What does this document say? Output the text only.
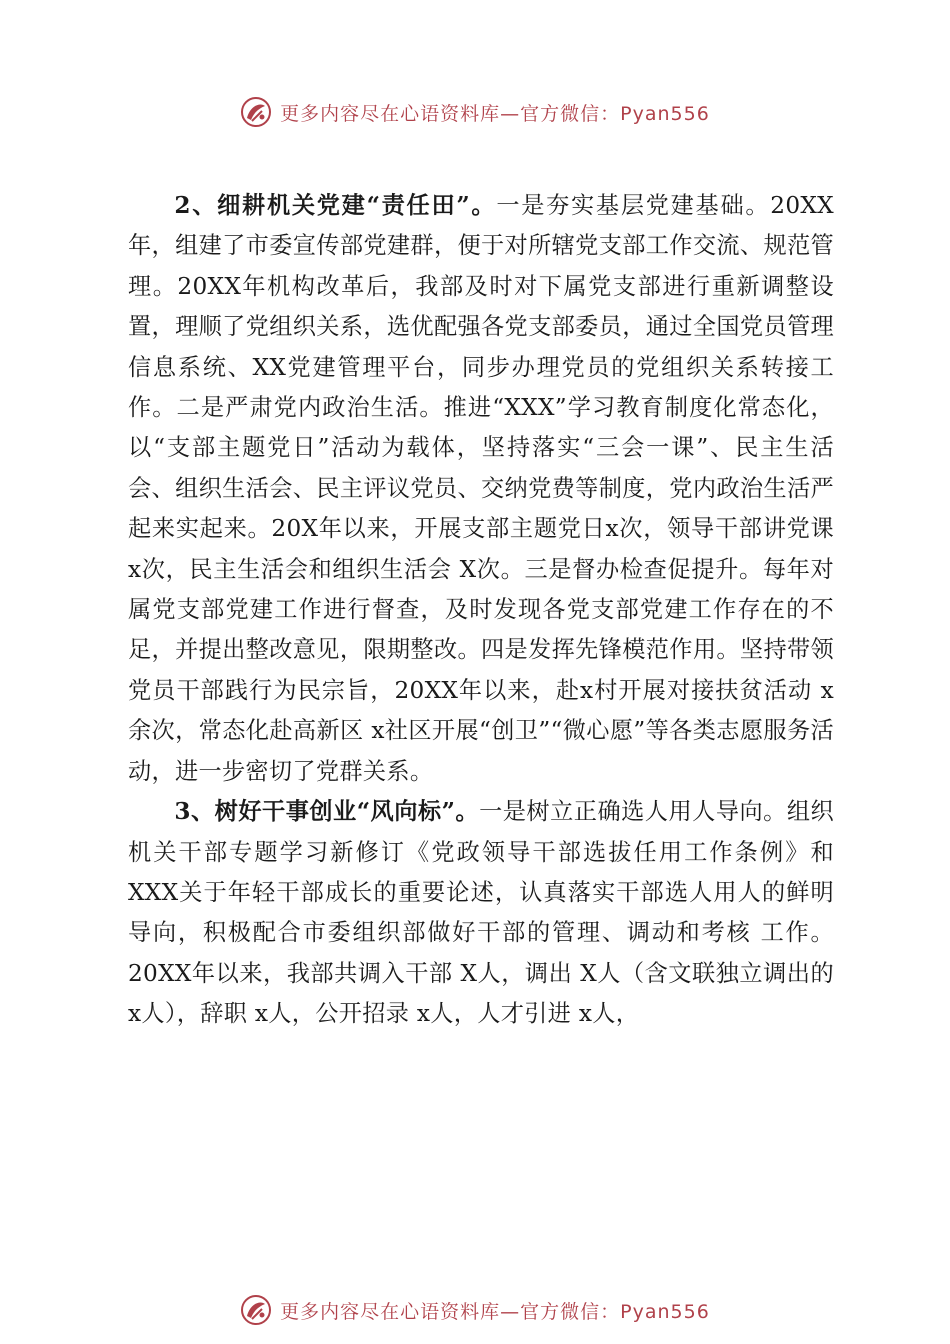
更多内容尽在心语资料库—官方微信：Pyan556

2、细耕机关党建“责任田”。一是夯实基层党建基础。20XX年，组建了市委宣传部党建群，便于对所辖党支部工作交流、规范管理。20XX年机构改革后，我部及时对下属党支部进行重新调整设置，理顺了党组织关系，选优配强各党支部委员，通过全国党员管理信息系统、XX党建管理平台，同步办理党员的党组织关系转接工作。二是严肃党内政治生活。推进“XXX”学习教育制度化常态化，以“支部主题党日”活动为载体，坚持落实“三会一课”、民主生活会、组织生活会、民主评议党员、交纳党费等制度，党内政治生活严起来实起来。20X年以来，开展支部主题党日x次，领导干部讲党课 x次，民主生活会和组织生活会 X次。三是督办检查促提升。每年对属党支部党建工作进行督查，及时发现各党支部党建工作存在的不足，并提出整改意见，限期整改。四是发挥先锋模范作用。坚持带领党员干部践行为民宗旨，20XX年以来，赴x村开展对接扶贫活动 x余次，常态化赴高新区 x社区开展“创卫”“微心愿”等各类志愿服务活动，进一步密切了党群关系。

3、树好干事创业“风向标”。一是树立正确选人用人导向。组织机关干部专题学习新修订《党政领导干部选拔任用工作条例》和 XXX关于年轻干部成长的重要论述，认真落实干部选人用人的鲜明导向，积极配合市委组织部做好干部的管理、调动和考核 工作。20XX年以来，我部共调入干部 X人，调出 X人（含文联独立调出的 x人），辞职 x人，公开招录 x人，人才引进 x人，

更多内容尽在心语资料库—官方微信：Pyan556
